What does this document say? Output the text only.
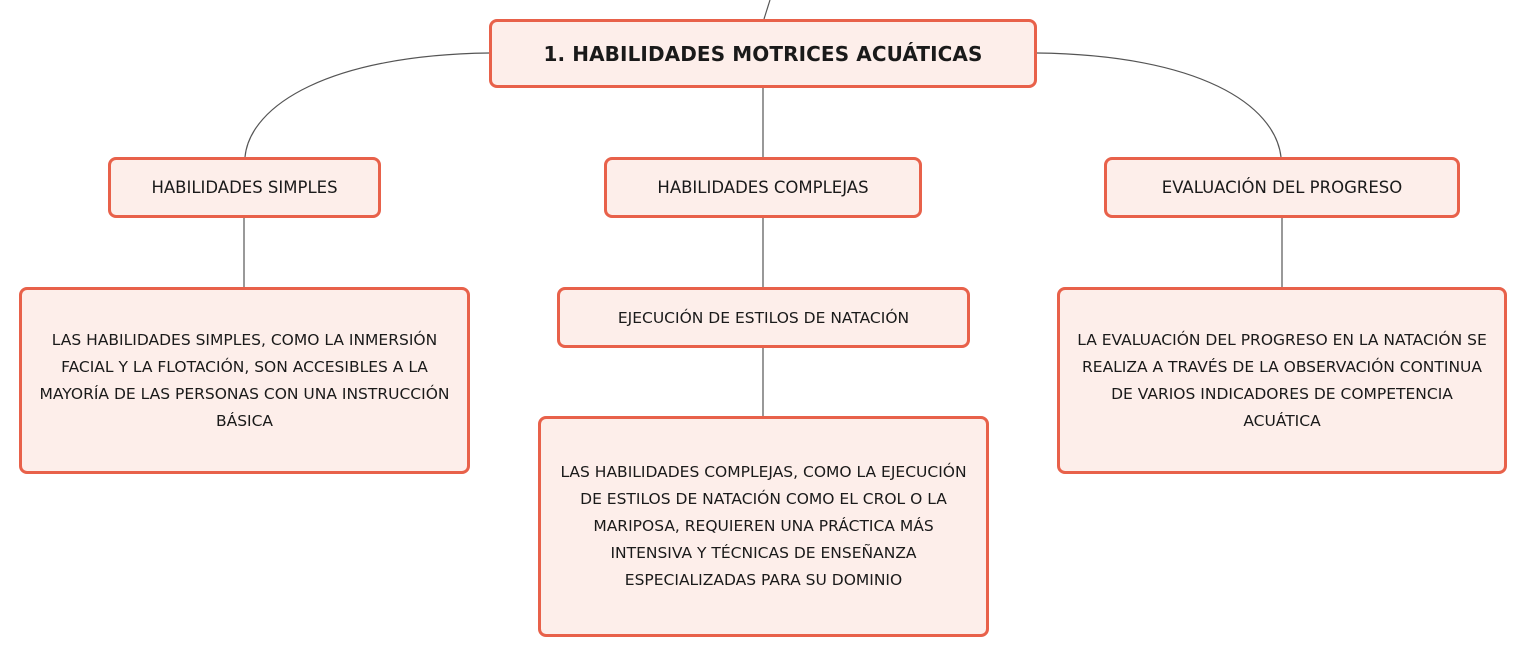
1. HABILIDADES MOTRICES ACUÁTICAS
HABILIDADES SIMPLES	HABILIDADES COMPLEJAS	EVALUACIÓN DEL PROGRESO
EJECUCIÓN DE ESTILOS DE NATACIÓN
LAS HABILIDADES SIMPLES, COMO LA INMERSIÓN FACIAL Y LA FLOTACIÓN, SON ACCESIBLES A LA MAYORÍA DE LAS PERSONAS CON UNA INSTRUCCIÓN BÁSICA
LA EVALUACIÓN DEL PROGRESO EN LA NATACIÓN SE REALIZA A TRAVÉS DE LA OBSERVACIÓN CONTINUA DE VARIOS INDICADORES DE COMPETENCIA ACUÁTICA
LAS HABILIDADES COMPLEJAS, COMO LA EJECUCIÓN DE ESTILOS DE NATACIÓN COMO EL CROL O LA MARIPOSA, REQUIEREN UNA PRÁCTICA MÁS INTENSIVA Y TÉCNICAS DE ENSEÑANZA ESPECIALIZADAS PARA SU DOMINIO
